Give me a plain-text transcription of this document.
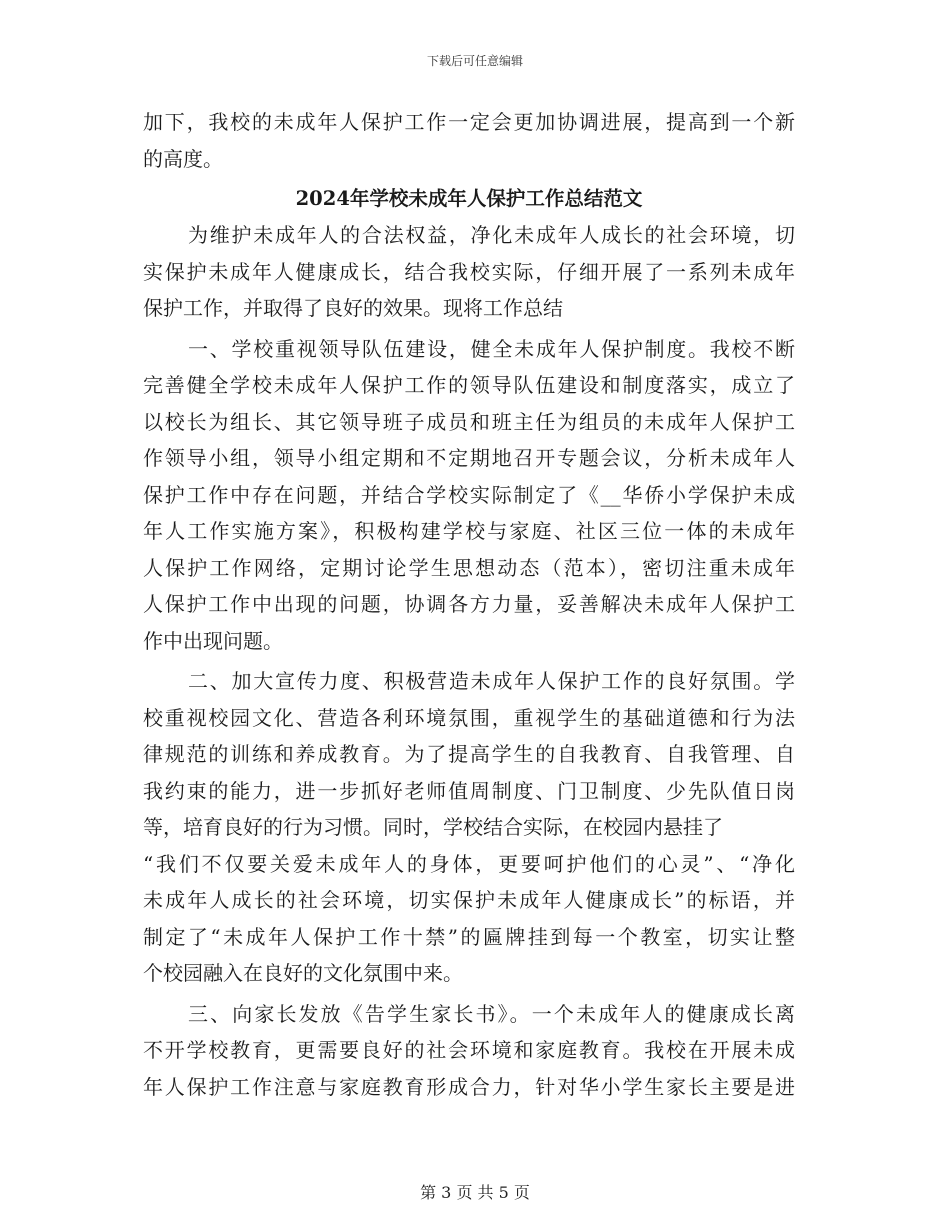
下载后可任意编辑
加下，我校的未成年人保护工作一定会更加协调进展，提高到一个新
的高度。
2024年学校未成年人保护工作总结范文
为维护未成年人的合法权益，净化未成年人成长的社会环境，切
实保护未成年人健康成长，结合我校实际，仔细开展了一系列未成年
保护工作，并取得了良好的效果。现将工作总结
一、学校重视领导队伍建设，健全未成年人保护制度。我校不断
完善健全学校未成年人保护工作的领导队伍建设和制度落实，成立了
以校长为组长、其它领导班子成员和班主任为组员的未成年人保护工
作领导小组，领导小组定期和不定期地召开专题会议，分析未成年人
保护工作中存在问题，并结合学校实际制定了《__华侨小学保护未成
年人工作实施方案》，积极构建学校与家庭、社区三位一体的未成年
人保护工作网络，定期讨论学生思想动态（范本），密切注重未成年
人保护工作中出现的问题，协调各方力量，妥善解决未成年人保护工
作中出现问题。
二、加大宣传力度、积极营造未成年人保护工作的良好氛围。学
校重视校园文化、营造各利环境氛围，重视学生的基础道德和行为法
律规范的训练和养成教育。为了提高学生的自我教育、自我管理、自
我约束的能力，进一步抓好老师值周制度、门卫制度、少先队值日岗
等，培育良好的行为习惯。同时，学校结合实际，在校园内悬挂了
“我们不仅要关爱未成年人的身体，更要呵护他们的心灵”、“净化
未成年人成长的社会环境，切实保护未成年人健康成长”的标语，并
制定了“未成年人保护工作十禁”的匾牌挂到每一个教室，切实让整
个校园融入在良好的文化氛围中来。
三、向家长发放《告学生家长书》。一个未成年人的健康成长离
不开学校教育，更需要良好的社会环境和家庭教育。我校在开展未成
年人保护工作注意与家庭教育形成合力，针对华小学生家长主要是进
第 3 页 共 5 页
